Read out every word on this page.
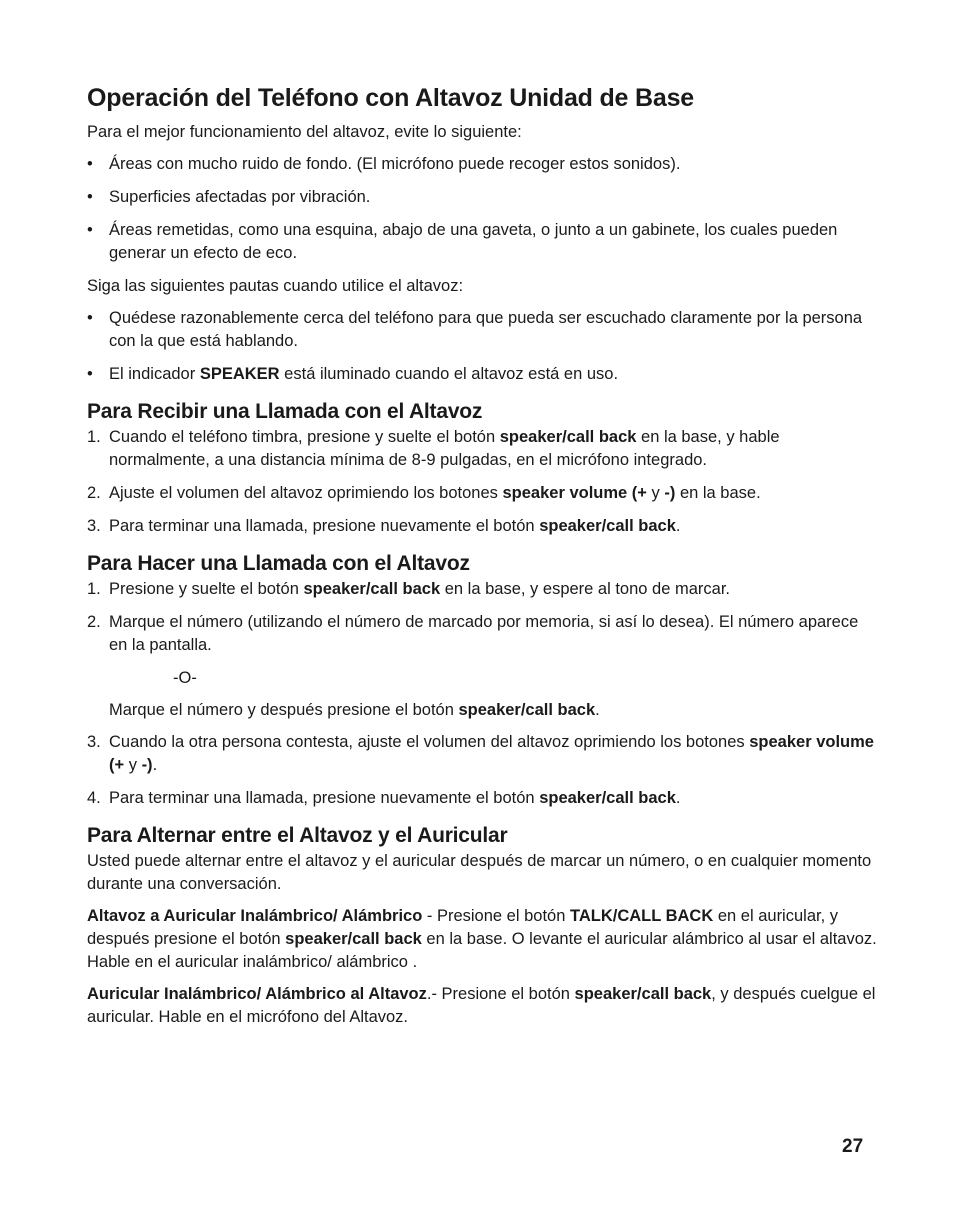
Operación del Teléfono con Altavoz Unidad de Base

Para el mejor funcionamiento del altavoz, evite lo siguiente:

• Áreas con mucho ruido de fondo. (El micrófono puede recoger estos sonidos).
• Superficies afectadas por vibración.
• Áreas remetidas, como una esquina, abajo de una gaveta, o junto a un gabinete, los cuales pueden generar un efecto de eco.

Siga las siguientes pautas cuando utilice el altavoz:

• Quédese razonablemente cerca del teléfono para que pueda ser escuchado claramente por la persona con la que está hablando.
• El indicador SPEAKER está iluminado cuando el altavoz está en uso.
Para Recibir una Llamada con el Altavoz
1. Cuando el teléfono timbra, presione y suelte el botón speaker/call back en la base, y hable normalmente, a una distancia mínima de 8-9 pulgadas, en el micrófono integrado.
2. Ajuste el volumen del altavoz oprimiendo los botones speaker volume (+ y -) en la base.
3. Para terminar una llamada, presione nuevamente el botón speaker/call back.
Para Hacer una Llamada con el Altavoz
1. Presione y suelte el botón speaker/call back en la base, y espere al tono de marcar.
2. Marque el número (utilizando el número de marcado por memoria, si así lo desea). El número aparece en la pantalla.

-O-

Marque el número y después presione el botón speaker/call back.

3. Cuando la otra persona contesta, ajuste el volumen del altavoz oprimiendo los botones speaker volume (+ y -).
4. Para terminar una llamada, presione nuevamente el botón speaker/call back.
Para Alternar entre el Altavoz y el Auricular

Usted puede alternar entre el altavoz y el auricular después de marcar un número, o en cualquier momento durante una conversación.

Altavoz a Auricular Inalámbrico/ Alámbrico - Presione el botón TALK/CALL BACK en el auricular, y después presione el botón speaker/call back en la base. O levante el auricular alámbrico al usar el altavoz. Hable en el auricular inalámbrico/ alámbrico .

Auricular Inalámbrico/ Alámbrico al Altavoz.- Presione el botón speaker/call back, y después cuelgue el auricular. Hable en el micrófono del Altavoz.

27
